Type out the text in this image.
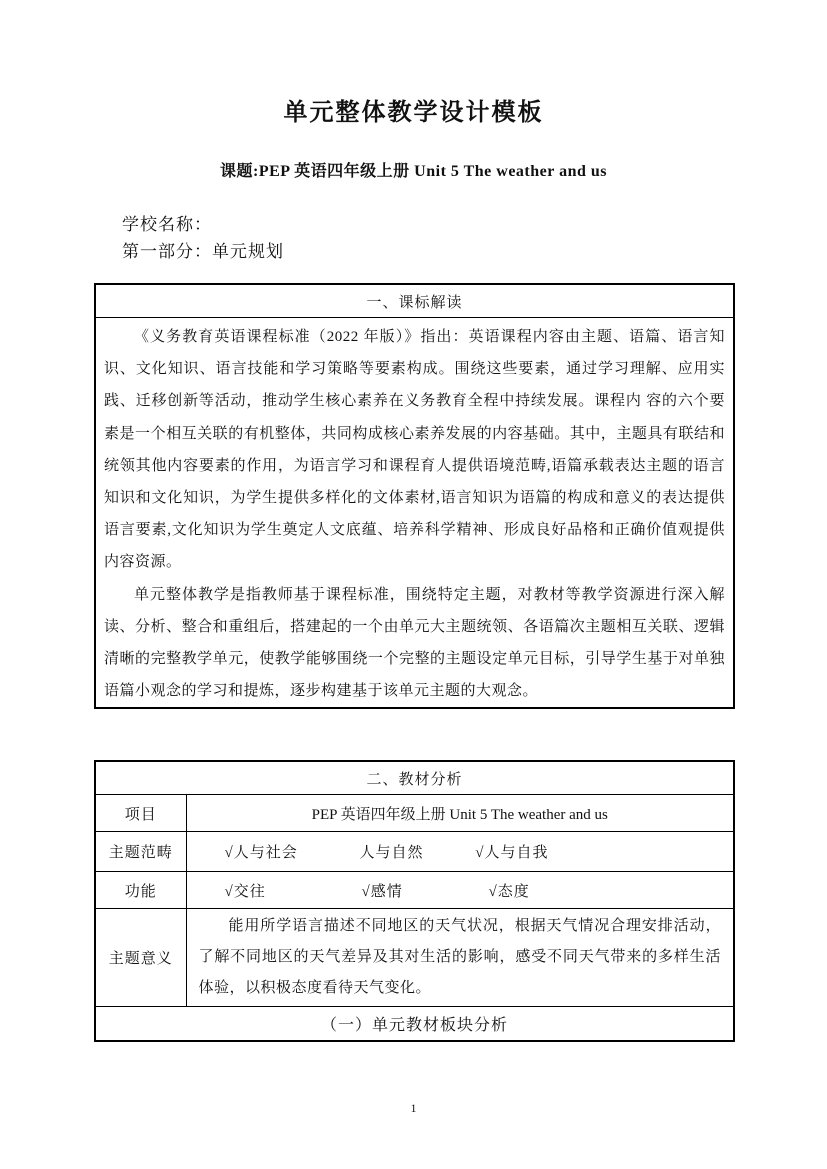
单元整体教学设计模板
课题:PEP 英语四年级上册 Unit 5 The weather and us
学校名称：
第一部分：单元规划
一、课标解读

《义务教育英语课程标准（2022 年版）》指出：英语课程内容由主题、语篇、语言知识、文化知识、语言技能和学习策略等要素构成。围绕这些要素，通过学习理解、应用实践、迁移创新等活动，推动学生核心素养在义务教育全程中持续发展。课程内 容的六个要素是一个相互关联的有机整体，共同构成核心素养发展的内容基础。其中，主题具有联结和统领其他内容要素的作用，为语言学习和课程育人提供语境范畴,语篇承载表达主题的语言知识和文化知识，为学生提供多样化的文体素材,语言知识为语篇的构成和意义的表达提供语言要素,文化知识为学生奠定人文底蕴、培养科学精神、形成良好品格和正确价值观提供内容资源。

单元整体教学是指教师基于课程标准，围绕特定主题，对教材等教学资源进行深入解读、分析、整合和重组后，搭建起的一个由单元大主题统领、各语篇次主题相互关联、逻辑清晰的完整教学单元，使教学能够围绕一个完整的主题设定单元目标，引导学生基于对单独语篇小观念的学习和提炼，逐步构建基于该单元主题的大观念。

二、教材分析	
项目	PEP 英语四年级上册 Unit 5 The weather and us
主题范畴	√人与社会 人与自然 √人与自我
功能	√交往 √感情 √态度
主题意义	能用所学语言描述不同地区的天气状况，根据天气情况合理安排活动，了解不同地区的天气差异及其对生活的影响，感受不同天气带来的多样生活体验，以积极态度看待天气变化。

（一）单元教材板块分析	
1
